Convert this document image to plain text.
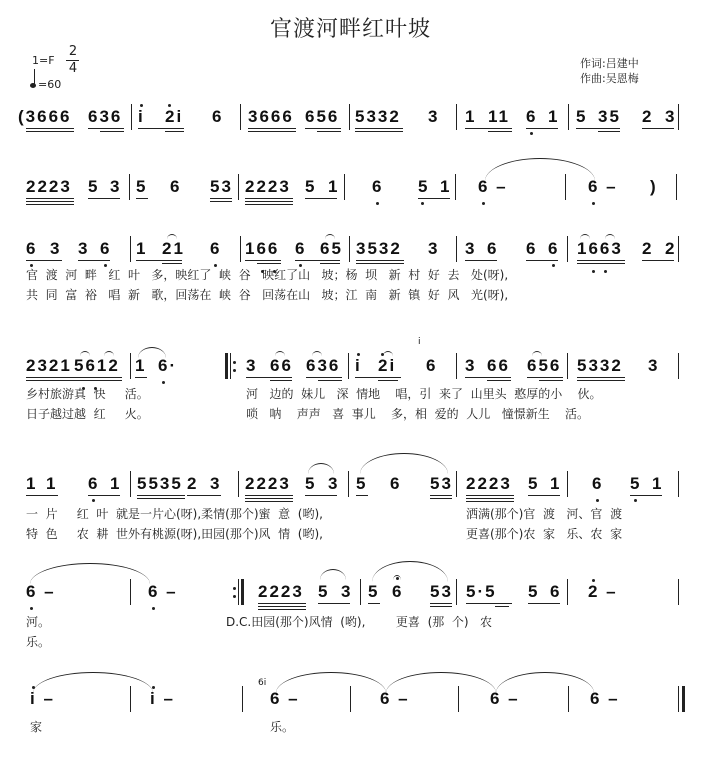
官渡河畔红叶坡
1=F
2
4
=60
作词:吕建中
作曲:吴恩梅
(3666 636 i 2i 6 3666 656 5332 3 1 11 6 1 5 35 2 3
2223 5 3 5 6 53 2223 5 1 6 5 1 6 –	6 – )
6 3 3 6 1 21 6 166 6 65 3532 3 3 6 6 6 1663 2 2
官  渡  河  畔   红  叶   多，映红了  峡  谷   映红了山   坡；杨  坝   新  村  好  去   处(呀),
共  同  富  裕   唱  新   歌，回荡在  峡  谷   回荡在山   坡；江  南   新  镇  好  风   光(呀),
2321 5612 1 6·	3 66 636 i 2i 6 3 66 656 5332 3
i
乡村旅游真  快     活。	河   边的  妹儿   深  情地    唱，引  来了  山里头  憨厚的小    伙。
日子越过越  红     火。	唢   呐    声声   喜  事儿    多，相  爱的  人儿   憧憬新生    活。
1 1 6 1 5535 2 3 2223 5 3 5 6 53 2223 5 1 6 5 1
一  片     红  叶  就是一片心(呀),柔情(那个)蜜  意  (哟),	洒满(那个)官  渡   河、官  渡
特  色     农  耕  世外有桃源(呀),田园(那个)风  情  (哟),	更喜(那个)农  家   乐、农  家
6 –	6 –	2223 5 3 5 6 53 5·5 5 6 2 –
河。	D.C.田园(那个)风情  (哟),        更喜  (那  个)   农
乐。
i –	i –	6 –	6 –	6 –	6 –
6i
家	乐。
